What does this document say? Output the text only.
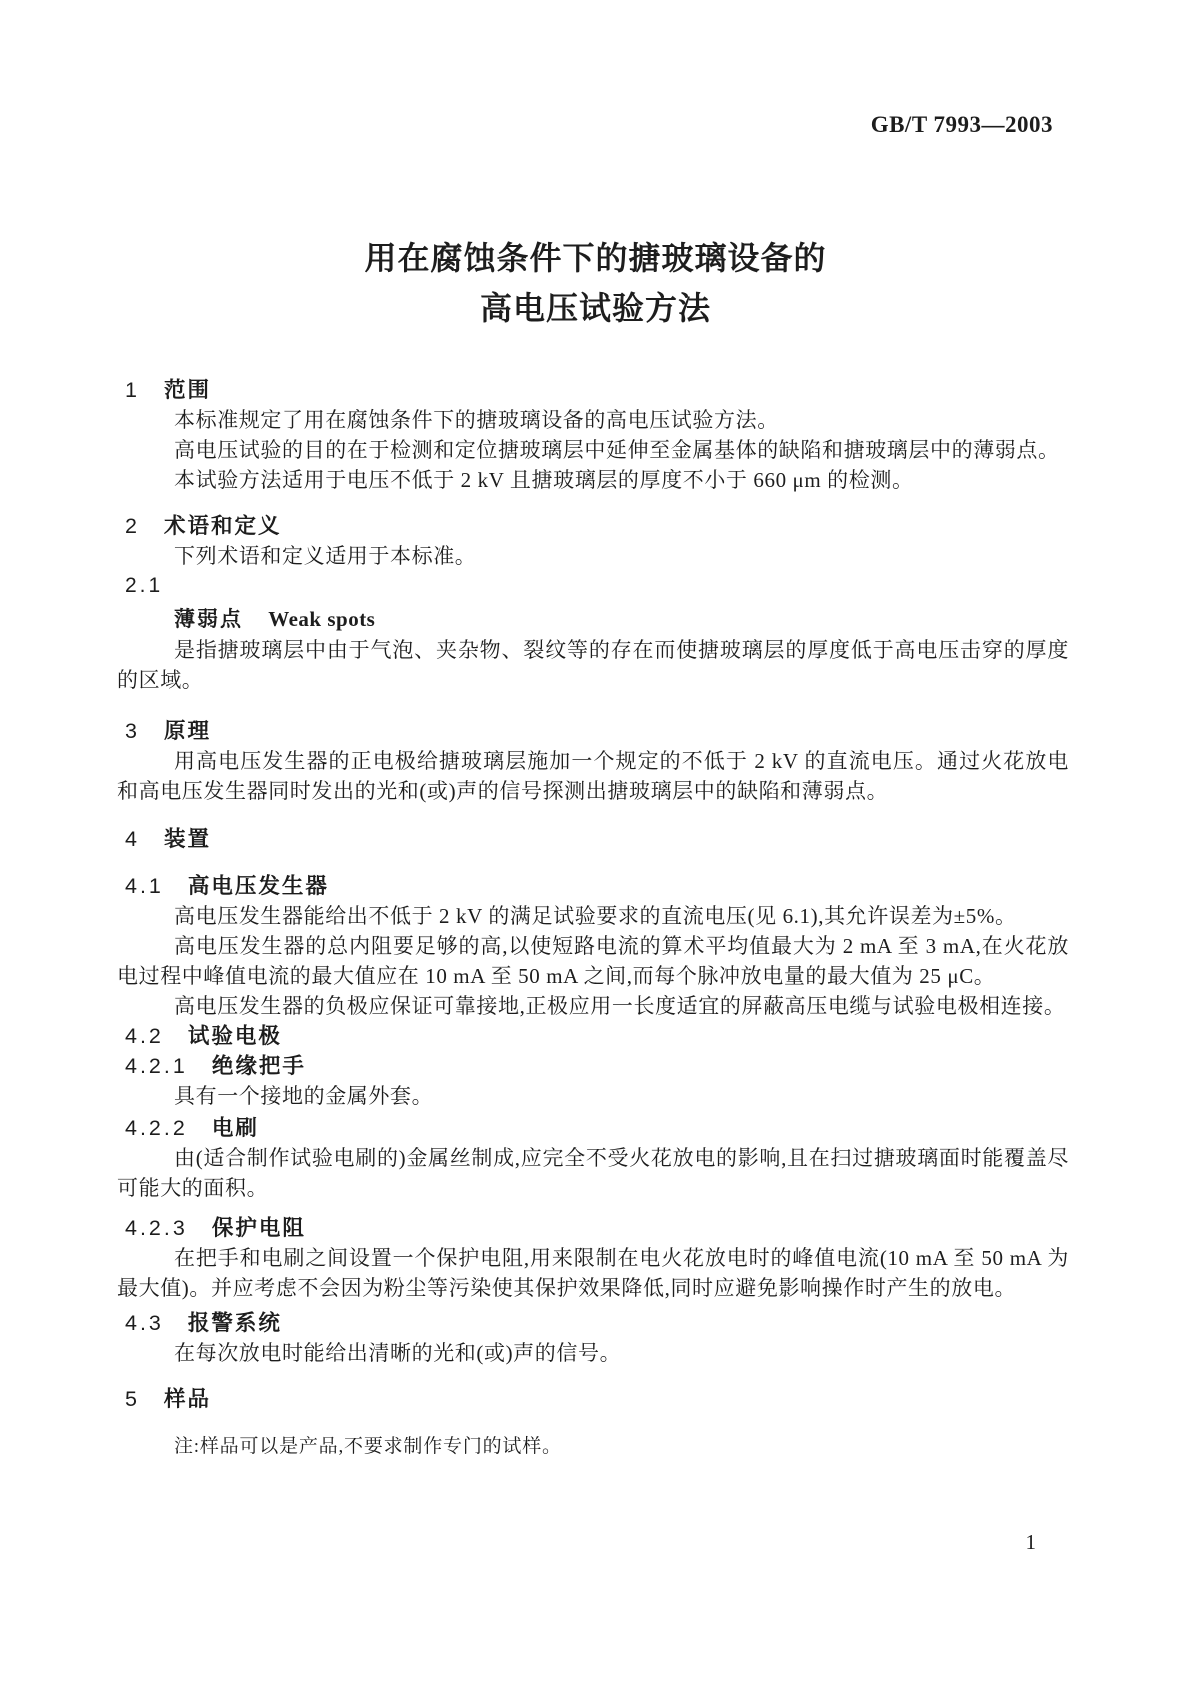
GB/T 7993—2003
用在腐蚀条件下的搪玻璃设备的
高电压试验方法
1 范围

本标准规定了用在腐蚀条件下的搪玻璃设备的高电压试验方法。

高电压试验的目的在于检测和定位搪玻璃层中延伸至金属基体的缺陷和搪玻璃层中的薄弱点。

本试验方法适用于电压不低于 2 kV 且搪玻璃层的厚度不小于 660 μm 的检测。

2 术语和定义

下列术语和定义适用于本标准。

2.1
薄弱点 Weak spots

是指搪玻璃层中由于气泡、夹杂物、裂纹等的存在而使搪玻璃层的厚度低于高电压击穿的厚度的区域。

3 原理

用高电压发生器的正电极给搪玻璃层施加一个规定的不低于 2 kV 的直流电压。通过火花放电和高电压发生器同时发出的光和(或)声的信号探测出搪玻璃层中的缺陷和薄弱点。

4 装置
4.1 高电压发生器

高电压发生器能给出不低于 2 kV 的满足试验要求的直流电压(见 6.1),其允许误差为±5%。

高电压发生器的总内阻要足够的高,以使短路电流的算术平均值最大为 2 mA 至 3 mA,在火花放电过程中峰值电流的最大值应在 10 mA 至 50 mA 之间,而每个脉冲放电量的最大值为 25 μC。

高电压发生器的负极应保证可靠接地,正极应用一长度适宜的屏蔽高压电缆与试验电极相连接。

4.2 试验电极
4.2.1 绝缘把手

具有一个接地的金属外套。

4.2.2 电刷

由(适合制作试验电刷的)金属丝制成,应完全不受火花放电的影响,且在扫过搪玻璃面时能覆盖尽可能大的面积。

4.2.3 保护电阻

在把手和电刷之间设置一个保护电阻,用来限制在电火花放电时的峰值电流(10 mA 至 50 mA 为最大值)。并应考虑不会因为粉尘等污染使其保护效果降低,同时应避免影响操作时产生的放电。

4.3 报警系统

在每次放电时能给出清晰的光和(或)声的信号。

5 样品

注:样品可以是产品,不要求制作专门的试样。

1
